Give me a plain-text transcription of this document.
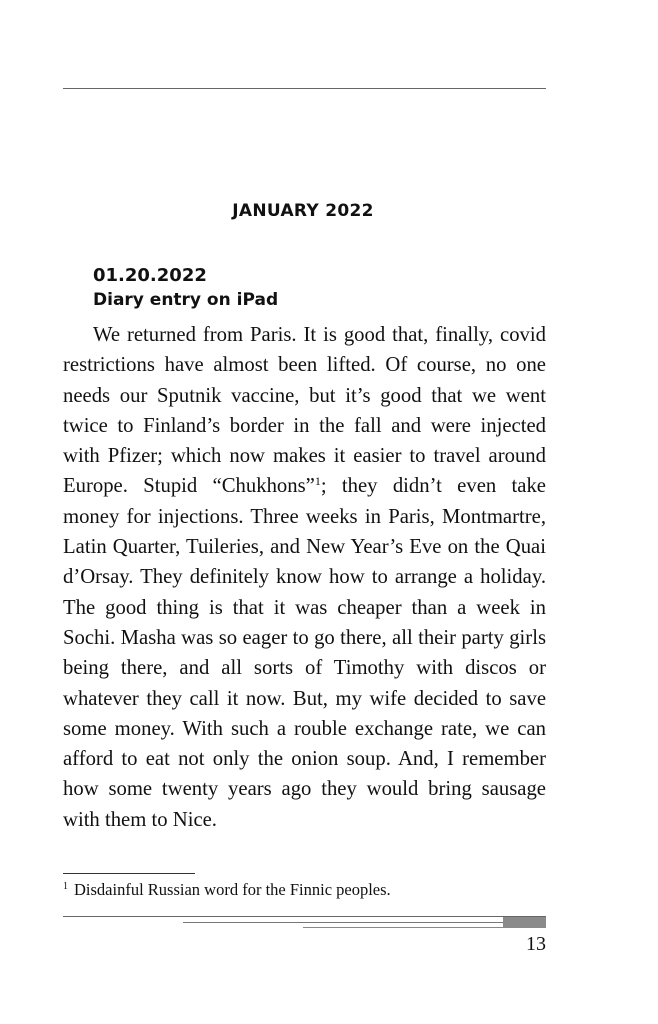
JANUARY 2022
01.20.2022
Diary entry on iPad

We returned from Paris. It is good that, finally, covid restrictions have almost been lifted. Of course, no one needs our Sputnik vaccine, but it’s good that we went twice to Finland’s border in the fall and were injected with Pfizer; which now makes it easier to travel around Europe. Stupid “Chukhons”$^1$; they didn’t even take money for injections. Three weeks in Paris, Montmartre, Latin Quarter, Tuileries, and New Year’s Eve on the Quai d’Orsay. They definitely know how to arrange a holiday. The good thing is that it was cheaper than a week in Sochi. Masha was so eager to go there, all their party girls being there, and all sorts of Timothy with discos or whatever they call it now. But, my wife decided to save some money. With such a rouble exchange rate, we can afford to eat not only the onion soup. And, I remember how some twenty years ago they would bring sausage with them to Nice.

$^1$ Disdainful Russian word for the Finnic peoples.
13
